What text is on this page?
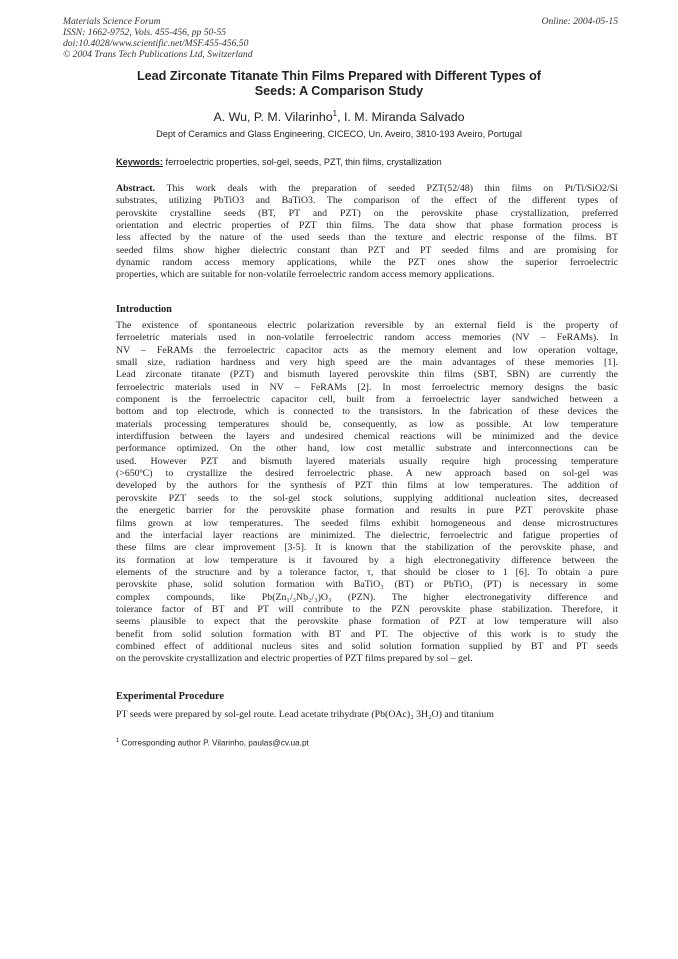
Materials Science Forum
ISSN: 1662-9752, Vols. 455-456, pp 50-55
doi:10.4028/www.scientific.net/MSF.455-456.50
© 2004 Trans Tech Publications Ltd, Switzerland
Online: 2004-05-15
Lead Zirconate Titanate Thin Films Prepared with Different Types of
Seeds: A Comparison Study
A. Wu, P. M. Vilarinho$^1$, I. M. Miranda Salvado
Dept of Ceramics and Glass Engineering, CICECO, Un. Aveiro, 3810-193 Aveiro, Portugal
Keywords: ferroelectric properties, sol-gel, seeds, PZT, thin films, crystallization
Abstract. This work deals with the preparation of seeded PZT(52/48) thin films on Pt/Ti/SiO2/Si
substrates, utilizing PbTiO3 and BaTiO3. The comparison of the effect of the different types of
perovskite crystalline seeds (BT, PT and PZT) on the perovskite phase crystallization, preferred
orientation and electric properties of PZT thin films. The data show that phase formation process is
less affected by the nature of the used seeds than the texture and electric response of the films. BT
seeded films show higher dielectric constant than PZT and PT seeded films and are promising for
dynamic random access memory applications, while the PZT ones show the superior ferroelectric
properties, which are suitable for non-volatile ferroelectric random access memory applications.
Introduction
The existence of spontaneous electric polarization reversible by an external field is the property of
ferroeletric materials used in non-volatile ferroelectric random access memories (NV – FeRAMs). In
NV – FeRAMs the ferroelectric capacitor acts as the memory element and low operation voltage,
small size, radiation hardness and very high speed are the main advantages of these memories [1].
Lead zirconate titanate (PZT) and bismuth layered perovskite thin films (SBT, SBN) are currently the
ferroelectric materials used in NV – FeRAMs [2]. In most ferroelectric memory designs the basic
component is the ferroelectric capacitor cell, built from a ferroelectric layer sandwiched between a
bottom and top electrode, which is connected to the transistors. In the fabrication of these devices the
materials processing temperatures should be, consequently, as low as possible. At low temperature
interdiffusion between the layers and undesired chemical reactions will be minimized and the device
performance optimized. On the other hand, low cost metallic substrate and interconnections can be
used. However PZT and bismuth layered materials usually require high processing temperature
(>650ºC) to crystallize the desired ferroelectric phase. A new approach based on sol-gel was
developed by the authors for the synthesis of PZT thin films at low temperatures. The addition of
perovskite PZT seeds to the sol-gel stock solutions, supplying additional nucleation sites, decreased
the energetic barrier for the perovskite phase formation and results in pure PZT perovskite phase
films grown at low temperatures. The seeded films exhibit homogeneous and dense microstructures
and the interfacial layer reactions are minimized. The dielectric, ferroelectric and fatigue properties of
these films are clear improvement [3-5]. It is known that the stabilization of the perovskite phase, and
its formation at low temperature is it favoured by a high electronegativity difference between the
elements of the structure and by a tolerance factor, τ, that should be closer to 1 [6]. To obtain a pure
perovskite phase, solid solution formation with BaTiO₃ (BT) or PbTiO₃ (PT) is necessary in some
complex compounds, like Pb(Zn₁/₃Nb₂/₃)O₃ (PZN). The higher electronegativity difference and
tolerance factor of BT and PT will contribute to the PZN perovskite phase stabilization. Therefore, it
seems plausible to expect that the perovskite phase formation of PZT at low temperature will also
benefit from solid solution formation with BT and PT. The objective of this work is to study the
combined effect of additional nucleus sites and solid solution formation supplied by BT and PT seeds
on the perovskite crystallization and electric properties of PZT films prepared by sol – gel.
Experimental Procedure
PT seeds were prepared by sol-gel route. Lead acetate trihydrate (Pb(OAc)₂ 3H₂O) and titanium
$^1$ Corresponding author P. Vilarinho, paulas@cv.ua.pt
